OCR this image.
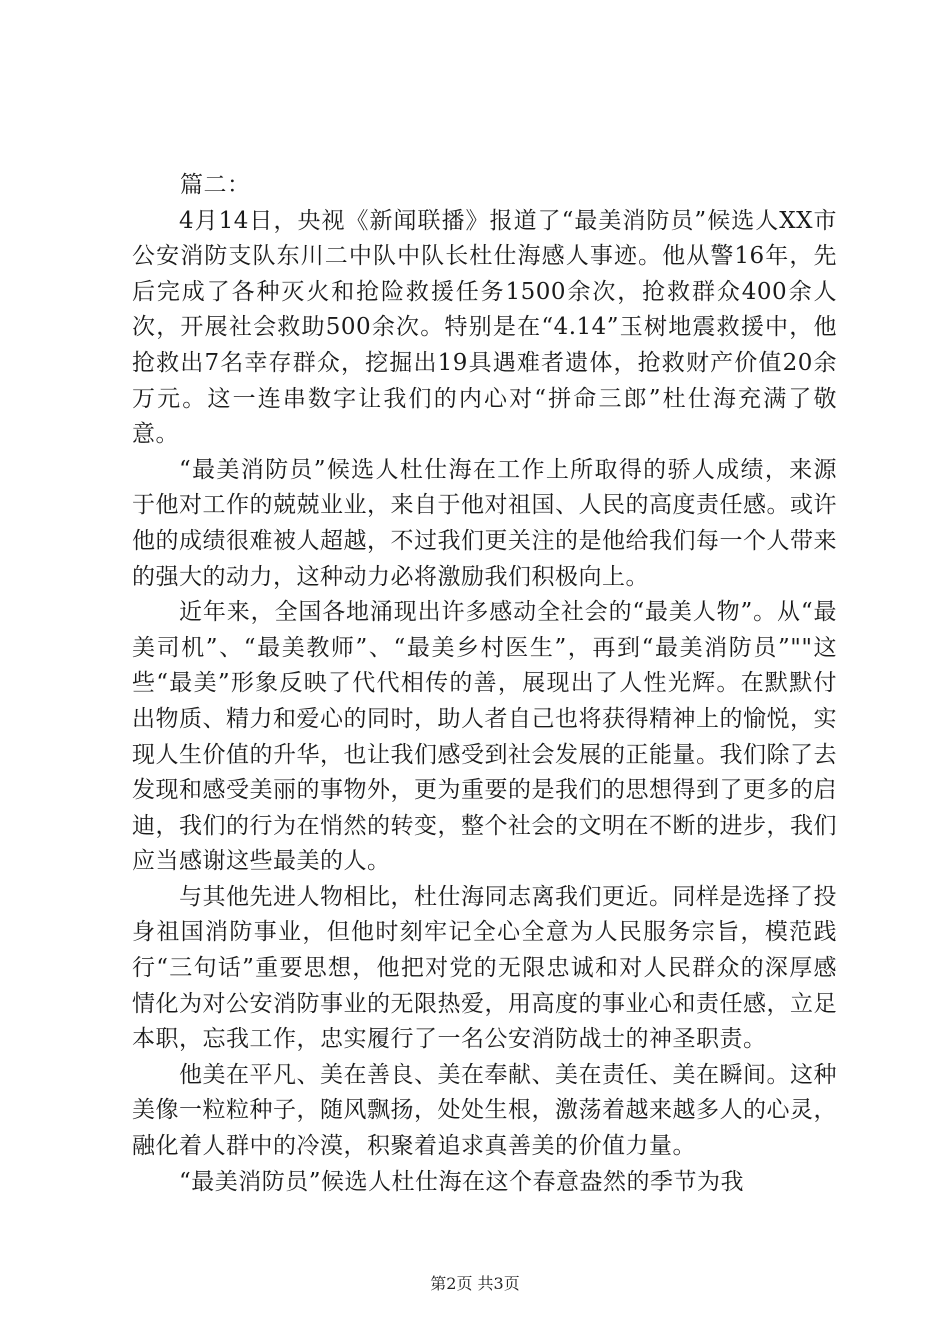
篇二：

4月14日，央视《新闻联播》报道了“最美消防员”候选人XX市公安消防支队东川二中队中队长杜仕海感人事迹。他从警16年，先后完成了各种灭火和抢险救援任务1500余次，抢救群众400余人次，开展社会救助500余次。特别是在“4.14”玉树地震救援中，他抢救出7名幸存群众，挖掘出19具遇难者遗体，抢救财产价值20余万元。这一连串数字让我们的内心对“拼命三郎”杜仕海充满了敬意。

“最美消防员”候选人杜仕海在工作上所取得的骄人成绩，来源于他对工作的兢兢业业，来自于他对祖国、人民的高度责任感。或许他的成绩很难被人超越，不过我们更关注的是他给我们每一个人带来的强大的动力，这种动力必将激励我们积极向上。

近年来，全国各地涌现出许多感动全社会的“最美人物”。从“最美司机”、“最美教师”、“最美乡村医生”，再到“最美消防员”""这些“最美”形象反映了代代相传的善，展现出了人性光辉。在默默付出物质、精力和爱心的同时，助人者自己也将获得精神上的愉悦，实现人生价值的升华，也让我们感受到社会发展的正能量。我们除了去发现和感受美丽的事物外，更为重要的是我们的思想得到了更多的启迪，我们的行为在悄然的转变，整个社会的文明在不断的进步，我们应当感谢这些最美的人。

与其他先进人物相比，杜仕海同志离我们更近。同样是选择了投身祖国消防事业，但他时刻牢记全心全意为人民服务宗旨，模范践行“三句话”重要思想，他把对党的无限忠诚和对人民群众的深厚感情化为对公安消防事业的无限热爱，用高度的事业心和责任感，立足本职，忘我工作，忠实履行了一名公安消防战士的神圣职责。

他美在平凡、美在善良、美在奉献、美在责任、美在瞬间。这种美像一粒粒种子，随风飘扬，处处生根，激荡着越来越多人的心灵，融化着人群中的冷漠，积聚着追求真善美的价值力量。

“最美消防员”候选人杜仕海在这个春意盎然的季节为我

第2页 共3页
